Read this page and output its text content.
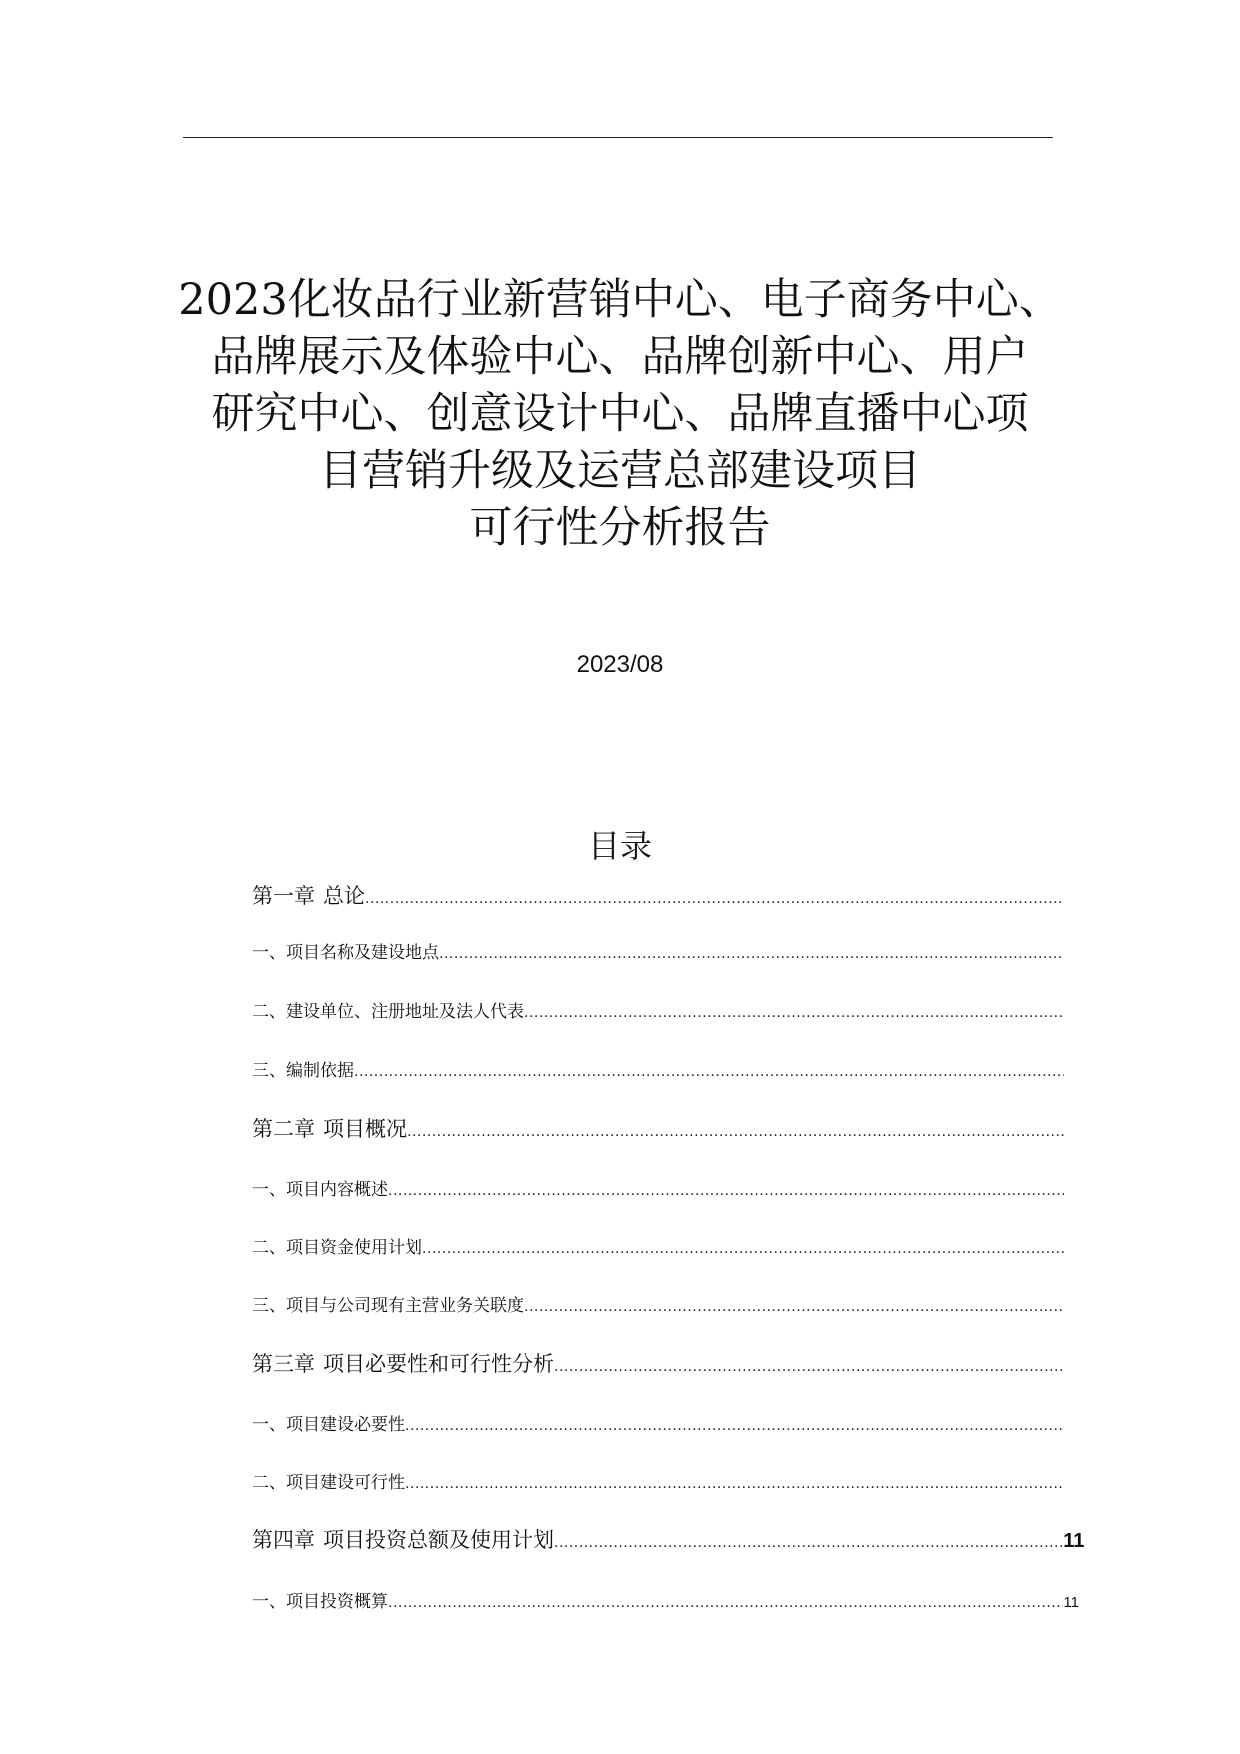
2023化妆品行业新营销中心、电子商务中心、
品牌展示及体验中心、品牌创新中心、用户
研究中心、创意设计中心、品牌直播中心项
目营销升级及运营总部建设项目
可行性分析报告
2023/08
目录
第一章 总论
.....
一、 项目名称及建设地点
.....
二、 建设单位、注册地址及法人代表
.....
三、 编制依据
.....
第二章 项目概况
.....
一、 项目内容概述
.....
二、 项目资金使用计划
.....
三、 项目与公司现有主营业务关联度
.....
第三章 项目必要性和可行性分析
.....
一、 项目建设必要性
.....
二、 项目建设可行性
.....
第四章 项目投资总额及使用计划 .....	11
一、 项目投资概算 .....	11
